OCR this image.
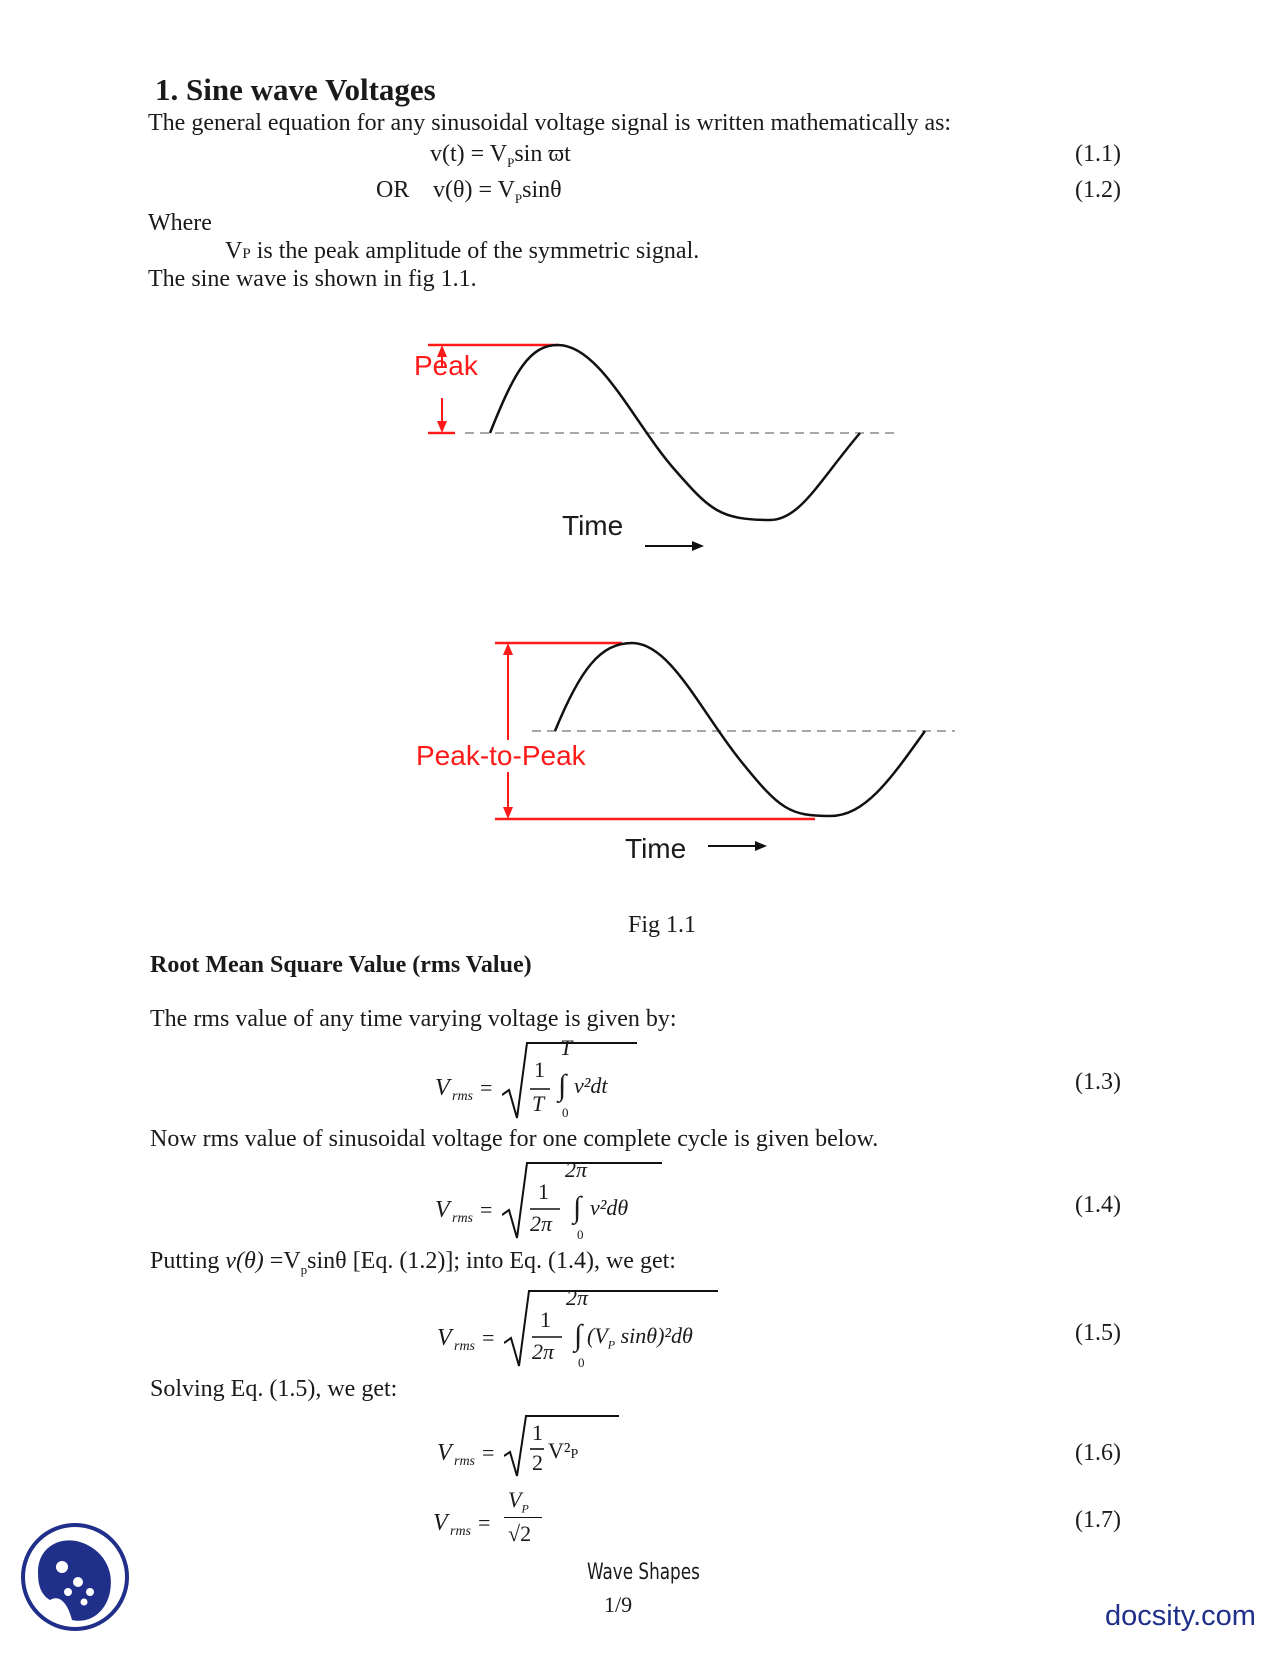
1. Sine wave Voltages
The general equation for any sinusoidal voltage signal is written mathematically as:
$v(t) = V_P\sin$ ϖt	(1.1)
OR $v(\theta) = V_P\sin\theta$	(1.2)
Where
VP is the peak amplitude of the symmetric signal.
The sine wave is shown in fig 1.1.
Peak
Time
Peak-to-Peak
Time
Fig 1.1
Root Mean Square Value (rms Value)
The rms value of any time varying voltage is given by:
V rms =
1
T
∫
T
0
v²dt	(1.3)
Now rms value of sinusoidal voltage for one complete cycle is given below.
V rms =
1
2π ∫
2π
0
v²dθ	(1.4)
Putting $v(\theta) =V_p\sin\theta$ [Eq. (1.2)]; into Eq. (1.4), we get:
V rms =
1
2π ∫
2π
0
($V_P$ sinθ)²dθ	(1.5)
Solving Eq. (1.5), we get:
V rms =
1
2 V²P	(1.6)
V rms =
$V_P$
√2
(1.7)
Wave Shapes
1/9	docsity.com
